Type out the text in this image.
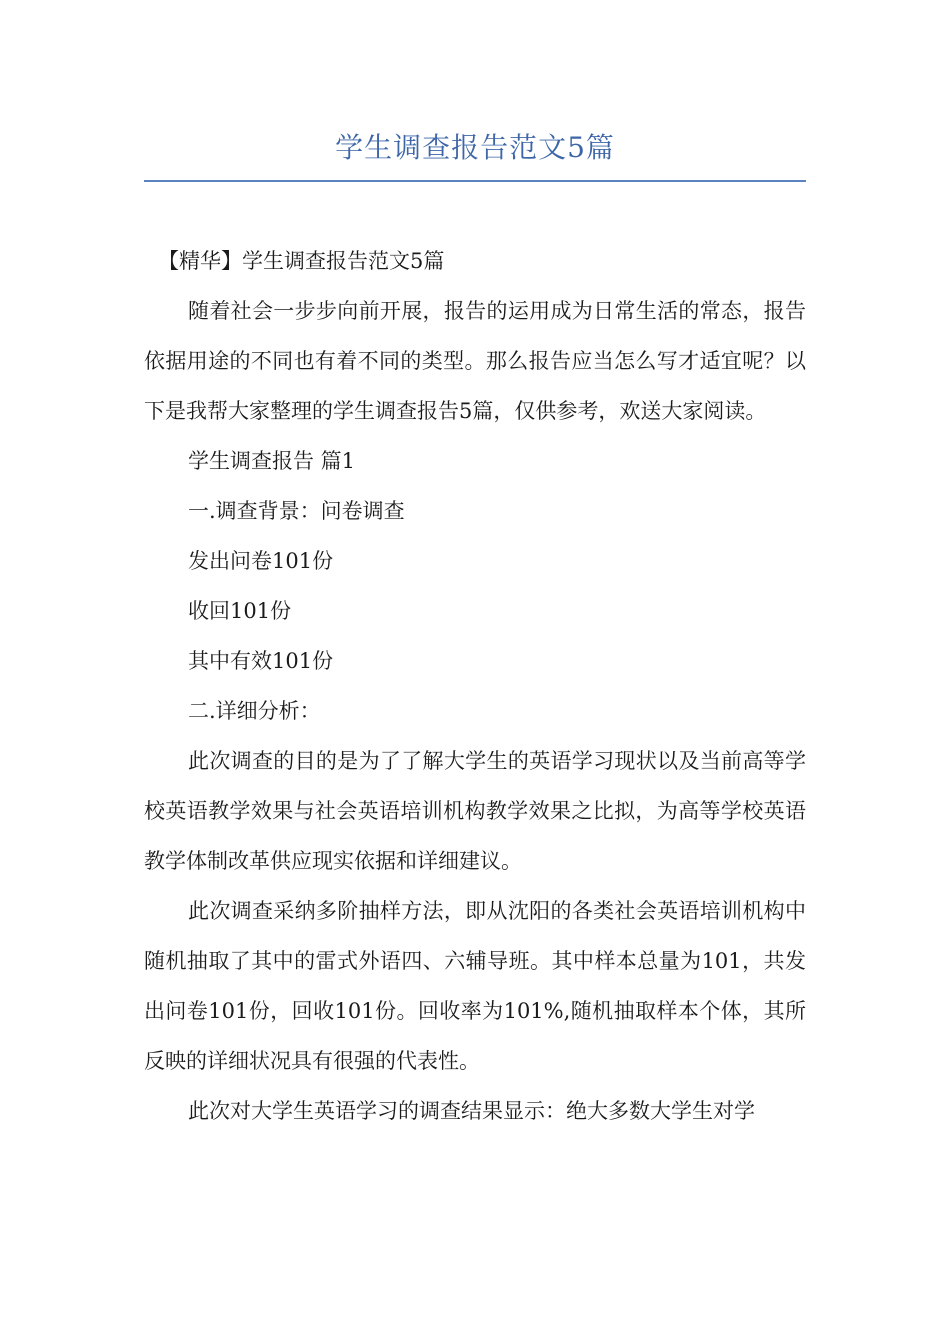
学生调查报告范文5篇

【精华】学生调查报告范文5篇

随着社会一步步向前开展，报告的运用成为日常生活的常态，报告依据用途的不同也有着不同的类型。那么报告应当怎么写才适宜呢？以下是我帮大家整理的学生调查报告5篇，仅供参考，欢送大家阅读。

学生调查报告 篇1

一.调查背景：问卷调查

发出问卷101份

收回101份

其中有效101份

二.详细分析：

此次调查的目的是为了了解大学生的英语学习现状以及当前高等学校英语教学效果与社会英语培训机构教学效果之比拟，为高等学校英语教学体制改革供应现实依据和详细建议。

此次调查采纳多阶抽样方法，即从沈阳的各类社会英语培训机构中随机抽取了其中的雷式外语四、六辅导班。其中样本总量为101，共发出问卷101份，回收101份。回收率为101%,随机抽取样本个体，其所反映的详细状况具有很强的代表性。

此次对大学生英语学习的调查结果显示：绝大多数大学生对学
